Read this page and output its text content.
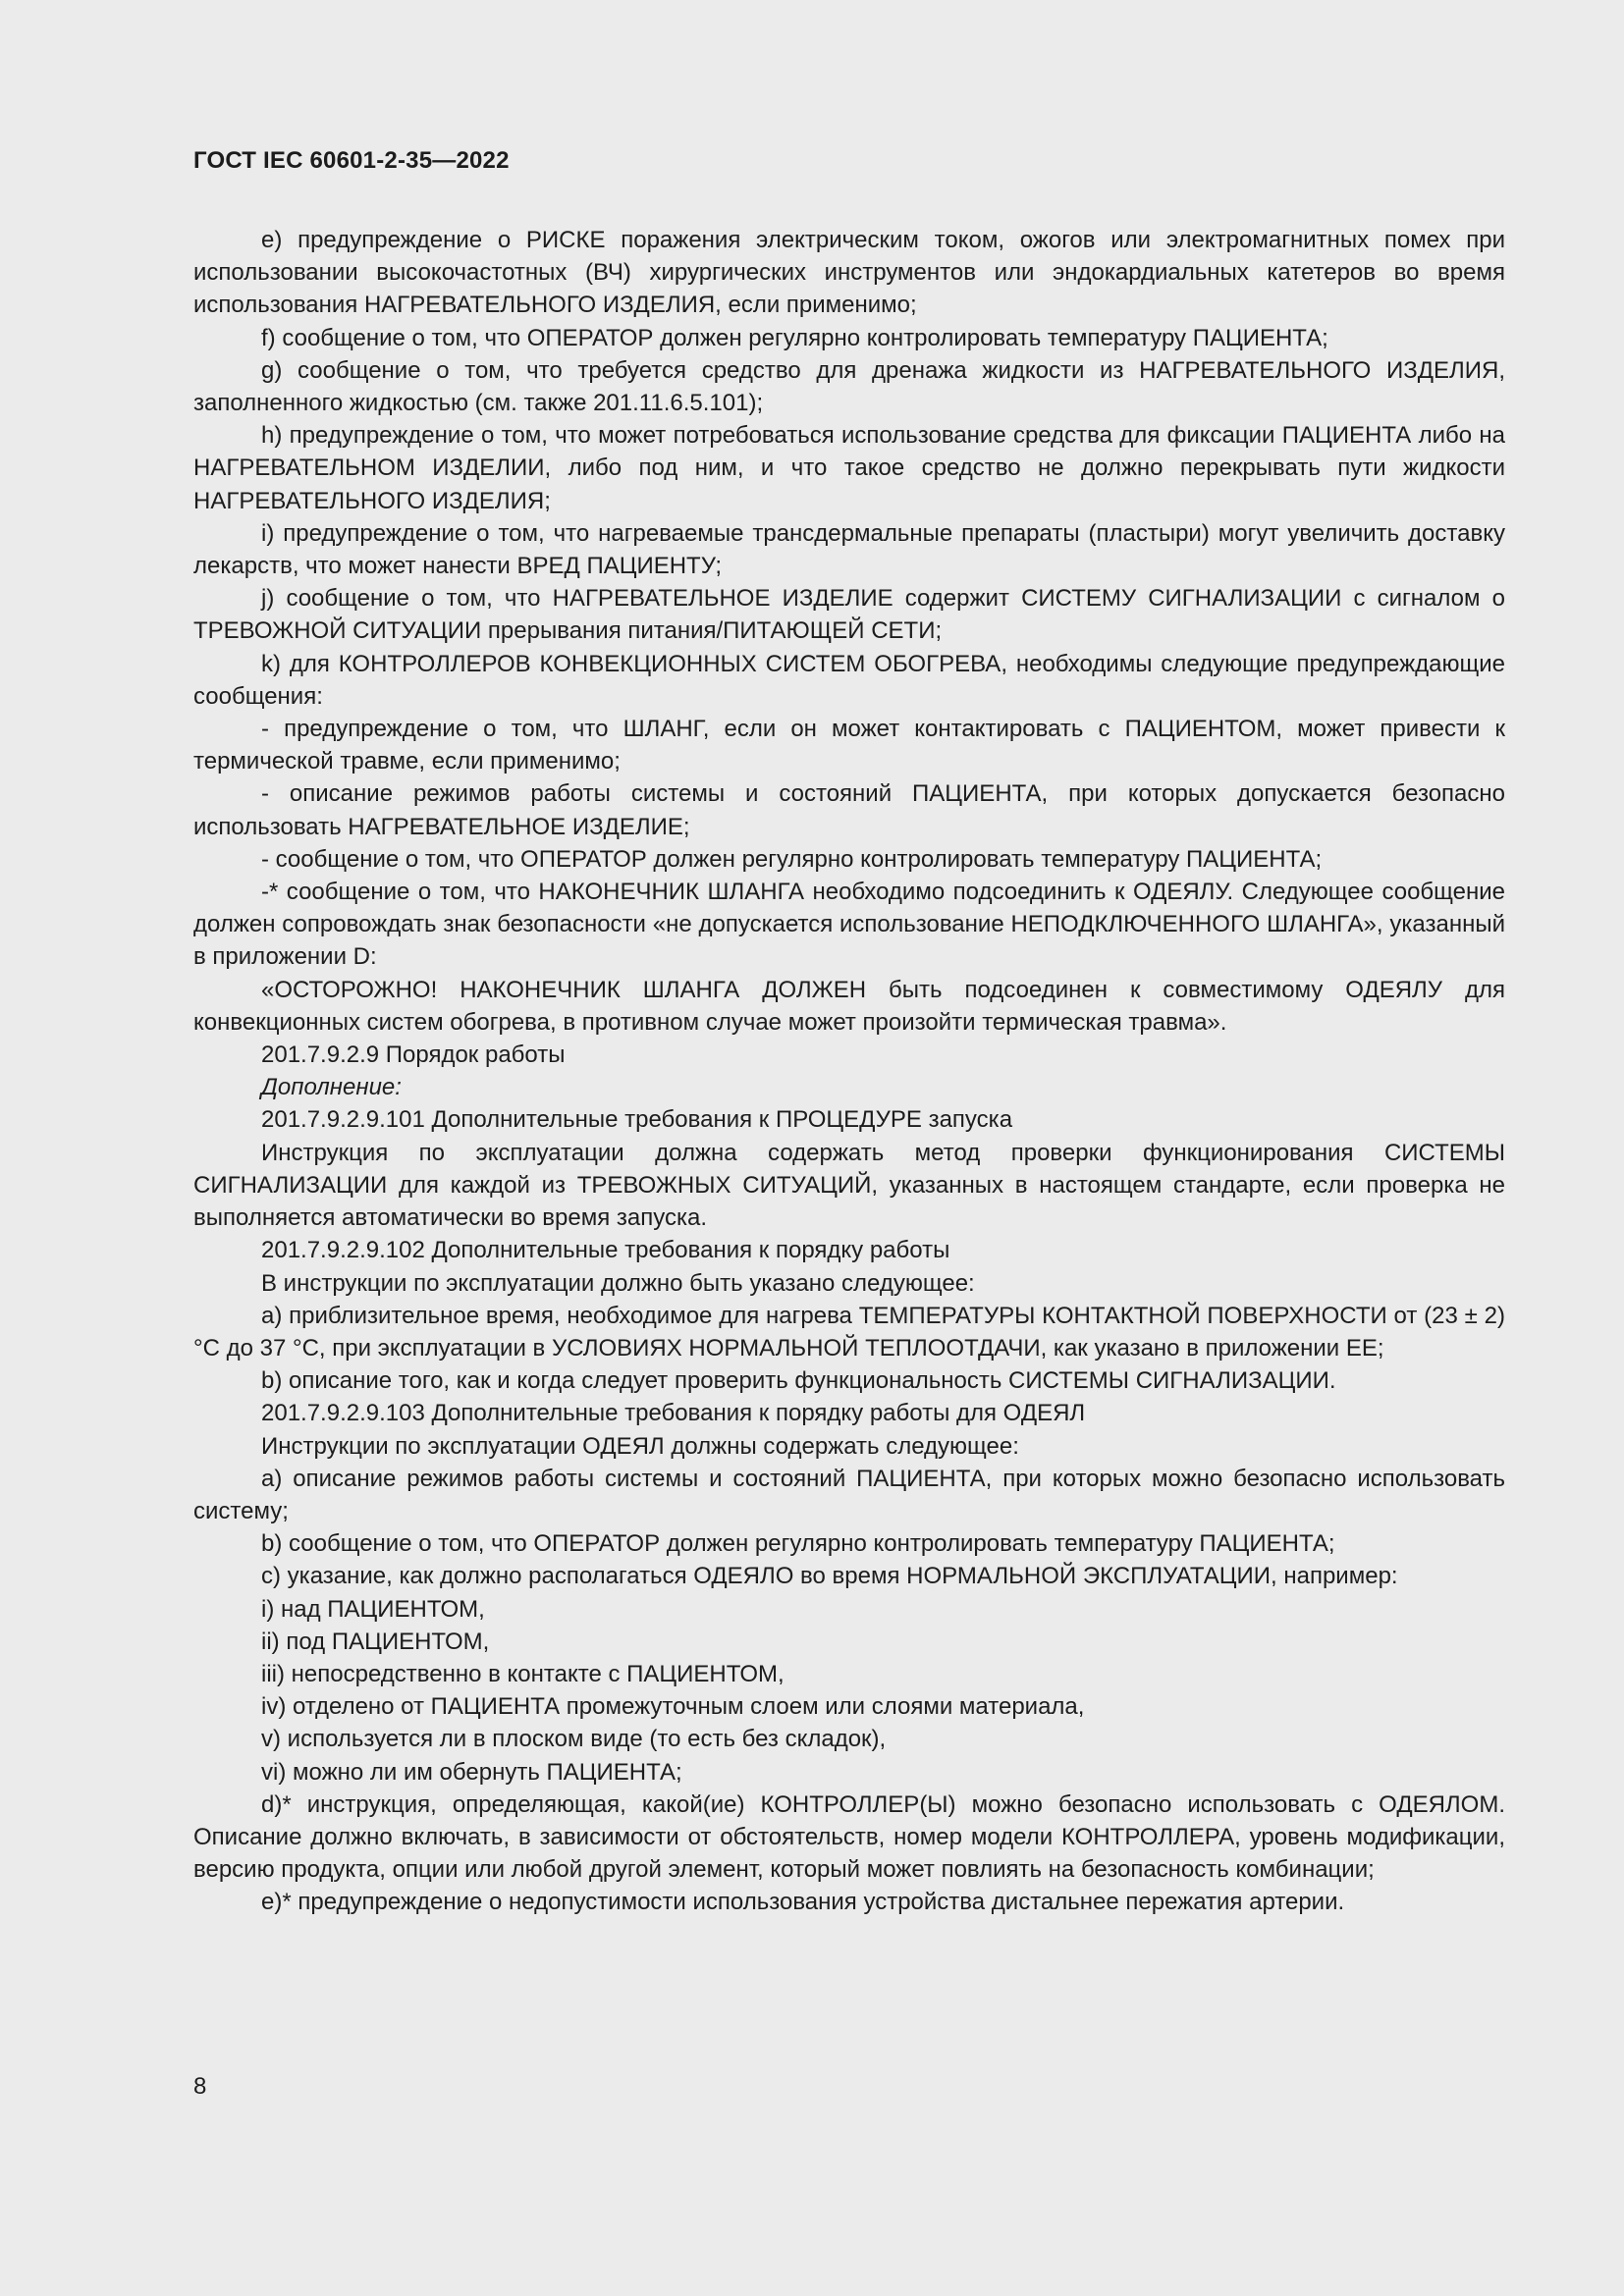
ГОСТ IEC 60601-2-35—2022

e) предупреждение о РИСКЕ поражения электрическим током, ожогов или электромагнитных помех при использовании высокочастотных (ВЧ) хирургических инструментов или эндокардиальных катетеров во время использования НАГРЕВАТЕЛЬНОГО ИЗДЕЛИЯ, если применимо;

f) сообщение о том, что ОПЕРАТОР должен регулярно контролировать температуру ПАЦИЕНТА;

g) сообщение о том, что требуется средство для дренажа жидкости из НАГРЕВАТЕЛЬНОГО ИЗДЕЛИЯ, заполненного жидкостью (см. также 201.11.6.5.101);

h) предупреждение о том, что может потребоваться использование средства для фиксации ПАЦИЕНТА либо на НАГРЕВАТЕЛЬНОМ ИЗДЕЛИИ, либо под ним, и что такое средство не должно перекрывать пути жидкости НАГРЕВАТЕЛЬНОГО ИЗДЕЛИЯ;

i) предупреждение о том, что нагреваемые трансдермальные препараты (пластыри) могут увеличить доставку лекарств, что может нанести ВРЕД ПАЦИЕНТУ;

j) сообщение о том, что НАГРЕВАТЕЛЬНОЕ ИЗДЕЛИЕ содержит СИСТЕМУ СИГНАЛИЗАЦИИ с сигналом о ТРЕВОЖНОЙ СИТУАЦИИ прерывания питания/ПИТАЮЩЕЙ СЕТИ;

k) для КОНТРОЛЛЕРОВ КОНВЕКЦИОННЫХ СИСТЕМ ОБОГРЕВА, необходимы следующие предупреждающие сообщения:

- предупреждение о том, что ШЛАНГ, если он может контактировать с ПАЦИЕНТОМ, может привести к термической травме, если применимо;

- описание режимов работы системы и состояний ПАЦИЕНТА, при которых допускается безопасно использовать НАГРЕВАТЕЛЬНОЕ ИЗДЕЛИЕ;

- сообщение о том, что ОПЕРАТОР должен регулярно контролировать температуру ПАЦИЕНТА;

-* сообщение о том, что НАКОНЕЧНИК ШЛАНГА необходимо подсоединить к ОДЕЯЛУ. Следующее сообщение должен сопровождать знак безопасности «не допускается использование НЕПОДКЛЮЧЕННОГО ШЛАНГА», указанный в приложении D:

«ОСТОРОЖНО! НАКОНЕЧНИК ШЛАНГА ДОЛЖЕН быть подсоединен к совместимому ОДЕЯЛУ для конвекционных систем обогрева, в противном случае может произойти термическая травма».

201.7.9.2.9 Порядок работы

Дополнение:

201.7.9.2.9.101 Дополнительные требования к ПРОЦЕДУРЕ запуска

Инструкция по эксплуатации должна содержать метод проверки функционирования СИСТЕМЫ СИГНАЛИЗАЦИИ для каждой из ТРЕВОЖНЫХ СИТУАЦИЙ, указанных в настоящем стандарте, если проверка не выполняется автоматически во время запуска.

201.7.9.2.9.102 Дополнительные требования к порядку работы

В инструкции по эксплуатации должно быть указано следующее:

a) приблизительное время, необходимое для нагрева ТЕМПЕРАТУРЫ КОНТАКТНОЙ ПОВЕРХНОСТИ от (23 ± 2) °C до 37 °C, при эксплуатации в УСЛОВИЯХ НОРМАЛЬНОЙ ТЕПЛООТДАЧИ, как указано в приложении ЕЕ;

b) описание того, как и когда следует проверить функциональность СИСТЕМЫ СИГНАЛИЗАЦИИ.

201.7.9.2.9.103 Дополнительные требования к порядку работы для ОДЕЯЛ

Инструкции по эксплуатации ОДЕЯЛ должны содержать следующее:

a) описание режимов работы системы и состояний ПАЦИЕНТА, при которых можно безопасно использовать систему;

b) сообщение о том, что ОПЕРАТОР должен регулярно контролировать температуру ПАЦИЕНТА;

c) указание, как должно располагаться ОДЕЯЛО во время НОРМАЛЬНОЙ ЭКСПЛУАТАЦИИ, например:

i) над ПАЦИЕНТОМ,

ii) под ПАЦИЕНТОМ,

iii) непосредственно в контакте с ПАЦИЕНТОМ,

iv) отделено от ПАЦИЕНТА промежуточным слоем или слоями материала,

v) используется ли в плоском виде (то есть без складок),

vi) можно ли им обернуть ПАЦИЕНТА;

d)* инструкция, определяющая, какой(ие) КОНТРОЛЛЕР(Ы) можно безопасно использовать с ОДЕЯЛОМ. Описание должно включать, в зависимости от обстоятельств, номер модели КОНТРОЛЛЕРА, уровень модификации, версию продукта, опции или любой другой элемент, который может повлиять на безопасность комбинации;

e)* предупреждение о недопустимости использования устройства дистальнее пережатия артерии.

8
